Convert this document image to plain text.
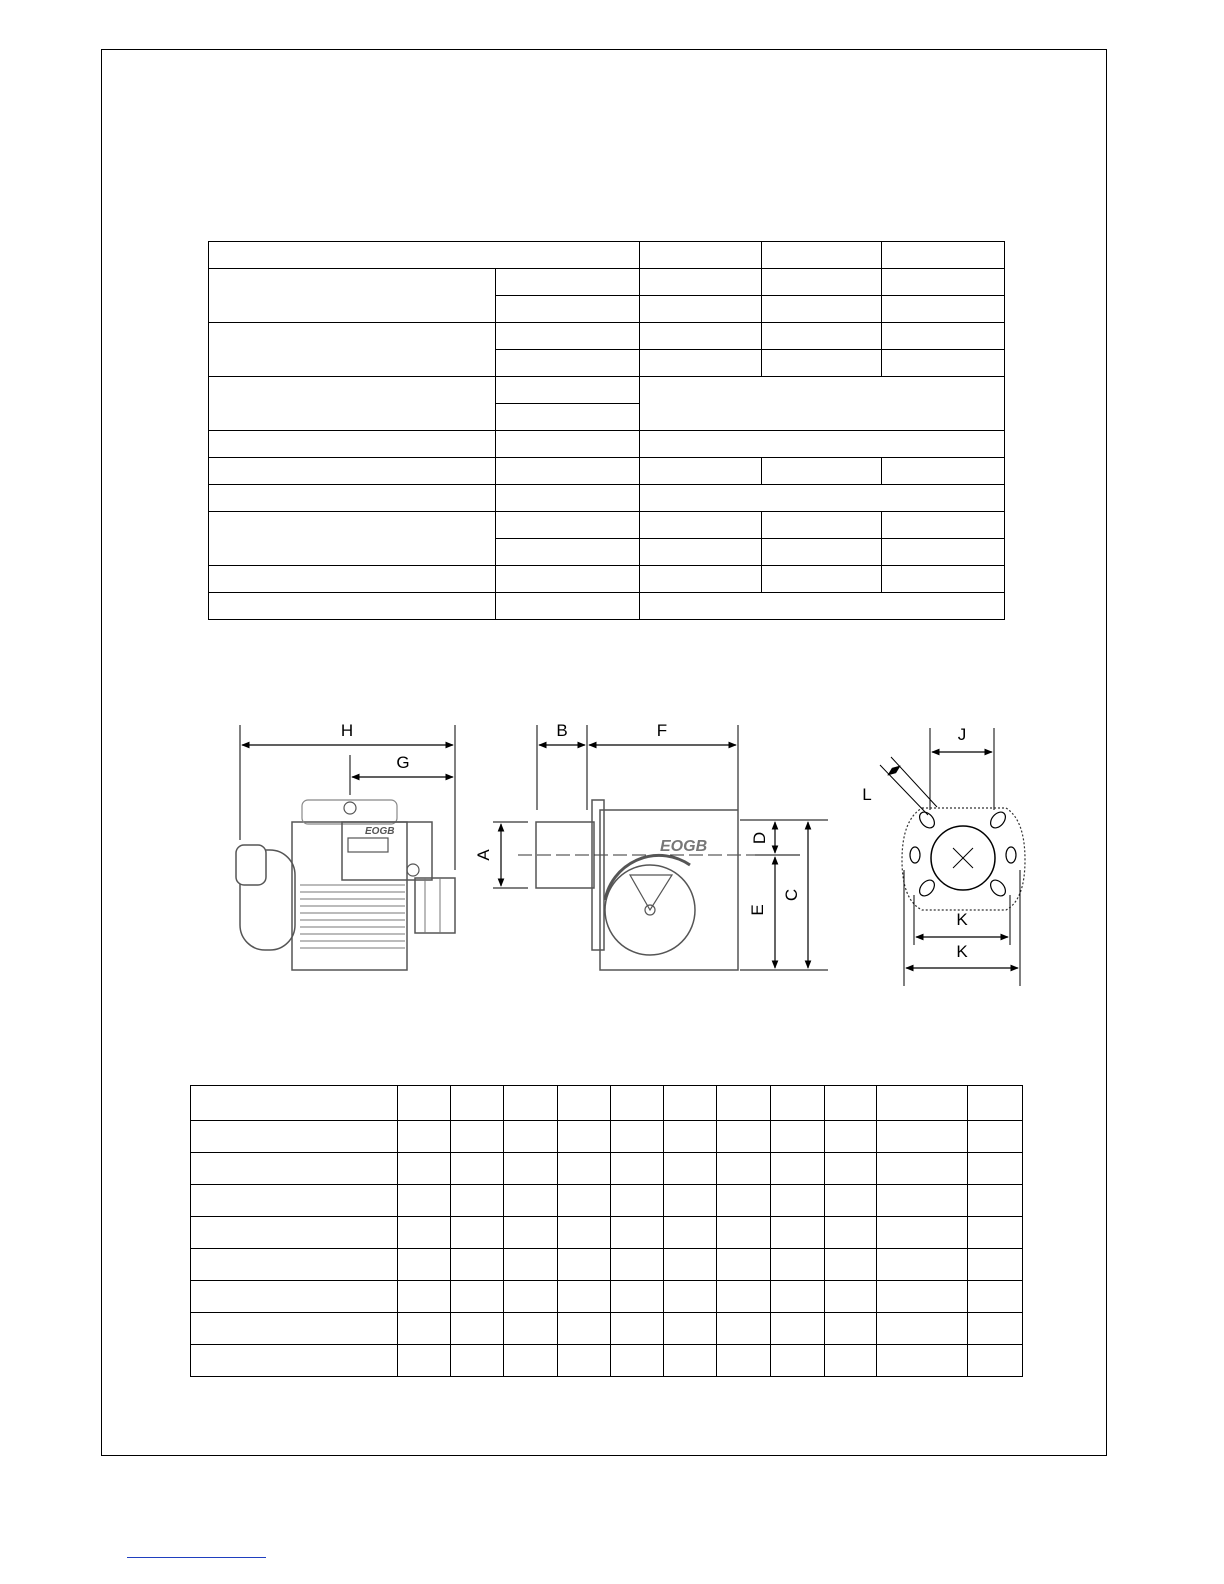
H
G
EOGB
B	F
A	EOGB	D
E
C
J
L
K
K
